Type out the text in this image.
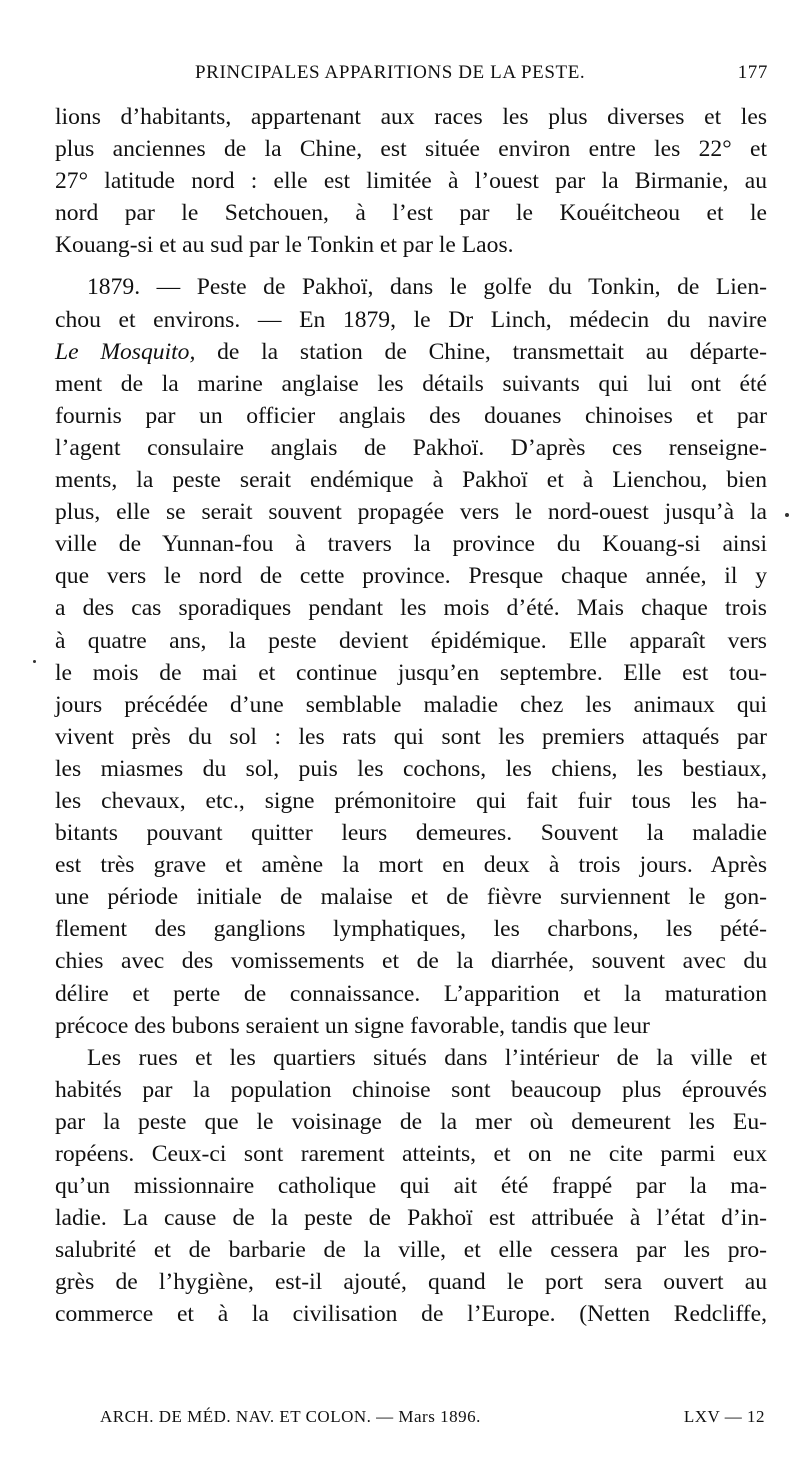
PRINCIPALES APPARITIONS DE LA PESTE.	177

lions d’habitants, appartenant aux races les plus diverses et les
plus anciennes de la Chine, est située environ entre les 22° et
27° latitude nord : elle est limitée à l’ouest par la Birmanie, au
nord par le Setchouen, à l’est par le Kouéitcheou et le
Kouang-si et au sud par le Tonkin et par le Laos.

1879. — Peste de Pakhoï, dans le golfe du Tonkin, de Lien-
chou et environs. — En 1879, le Dr Linch, médecin du navire
Le Mosquito, de la station de Chine, transmettait au départe-
ment de la marine anglaise les détails suivants qui lui ont été
fournis par un officier anglais des douanes chinoises et par
l’agent consulaire anglais de Pakhoï. D’après ces renseigne-
ments, la peste serait endémique à Pakhoï et à Lienchou, bien
plus, elle se serait souvent propagée vers le nord-ouest jusqu’à la
ville de Yunnan-fou à travers la province du Kouang-si ainsi
que vers le nord de cette province. Presque chaque année, il y
a des cas sporadiques pendant les mois d’été. Mais chaque trois
à quatre ans, la peste devient épidémique. Elle apparaît vers
le mois de mai et continue jusqu’en septembre. Elle est tou-
jours précédée d’une semblable maladie chez les animaux qui
vivent près du sol : les rats qui sont les premiers attaqués par
les miasmes du sol, puis les cochons, les chiens, les bestiaux,
les chevaux, etc., signe prémonitoire qui fait fuir tous les ha-
bitants pouvant quitter leurs demeures. Souvent la maladie
est très grave et amène la mort en deux à trois jours. Après
une période initiale de malaise et de fièvre surviennent le gon-
flement des ganglions lymphatiques, les charbons, les pété-
chies avec des vomissements et de la diarrhée, souvent avec du
délire et perte de connaissance. L’apparition et la maturation
précoce des bubons seraient un signe favorable, tandis que leur

Les rues et les quartiers situés dans l’intérieur de la ville et
habités par la population chinoise sont beaucoup plus éprouvés
par la peste que le voisinage de la mer où demeurent les Eu-
ropéens. Ceux-ci sont rarement atteints, et on ne cite parmi eux
qu’un missionnaire catholique qui ait été frappé par la ma-
ladie. La cause de la peste de Pakhoï est attribuée à l’état d’in-
salubrité et de barbarie de la ville, et elle cessera par les pro-
grès de l’hygiène, est-il ajouté, quand le port sera ouvert au
commerce et à la civilisation de l’Europe. (Netten Redcliffe,

ARCH. DE MÉD. NAV. ET COLON. — Mars 1896.	LXV — 12
